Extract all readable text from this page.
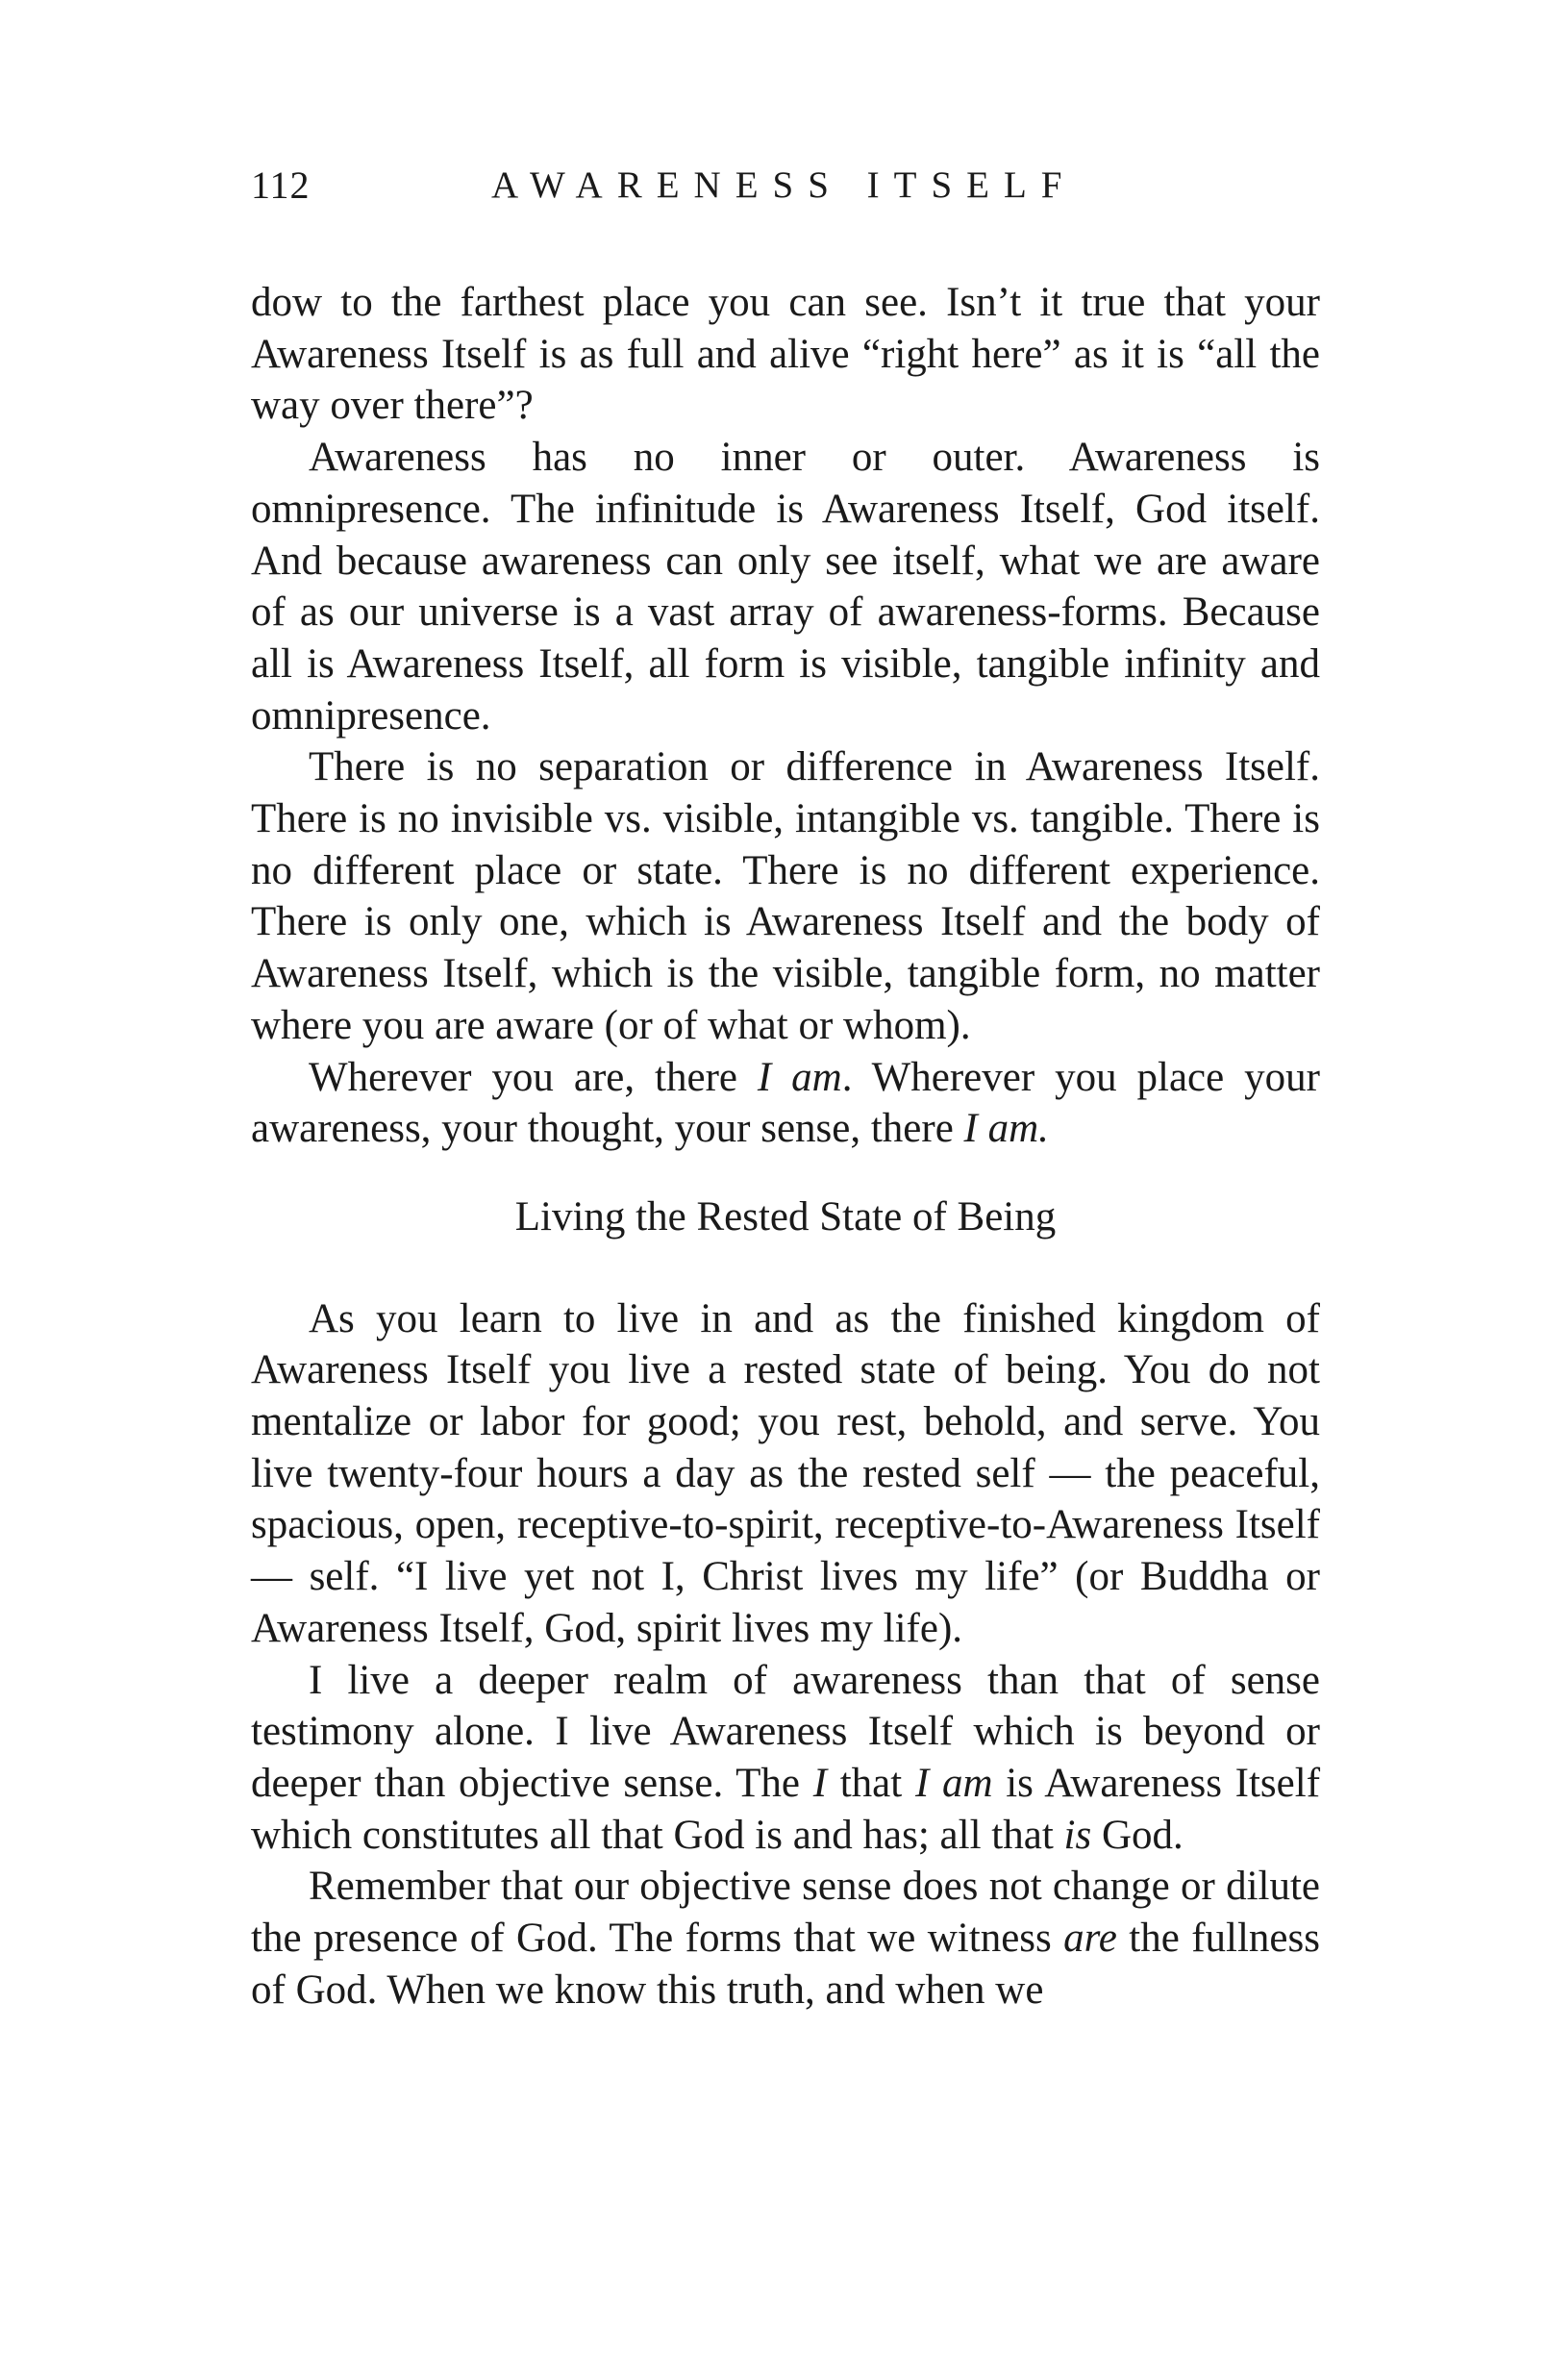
112	AWARENESS ITSELF

dow to the farthest place you can see. Isn’t it true that your Awareness Itself is as full and alive “right here” as it is “all the way over there”?

Awareness has no inner or outer. Awareness is omnipresence. The infinitude is Awareness Itself, God itself. And because awareness can only see itself, what we are aware of as our universe is a vast array of awareness-forms. Because all is Awareness Itself, all form is visible, tangible infinity and omnipresence.

There is no separation or difference in Awareness Itself. There is no invisible vs. visible, intangible vs. tangible. There is no different place or state. There is no different experience. There is only one, which is Awareness Itself and the body of Awareness Itself, which is the visible, tangible form, no matter where you are aware (or of what or whom).

Wherever you are, there I am. Wherever you place your awareness, your thought, your sense, there I am.

Living the Rested State of Being

As you learn to live in and as the finished kingdom of Awareness Itself you live a rested state of being. You do not mentalize or labor for good; you rest, behold, and serve. You live twenty-four hours a day as the rested self — the peaceful, spacious, open, receptive-to-spirit, receptive-to-Awareness Itself — self. “I live yet not I, Christ lives my life” (or Buddha or Awareness Itself, God, spirit lives my life).

I live a deeper realm of awareness than that of sense testimony alone. I live Awareness Itself which is beyond or deeper than objective sense. The I that I am is Awareness Itself which constitutes all that God is and has; all that is God.

Remember that our objective sense does not change or dilute the presence of God. The forms that we witness are the fullness of God. When we know this truth, and when we
